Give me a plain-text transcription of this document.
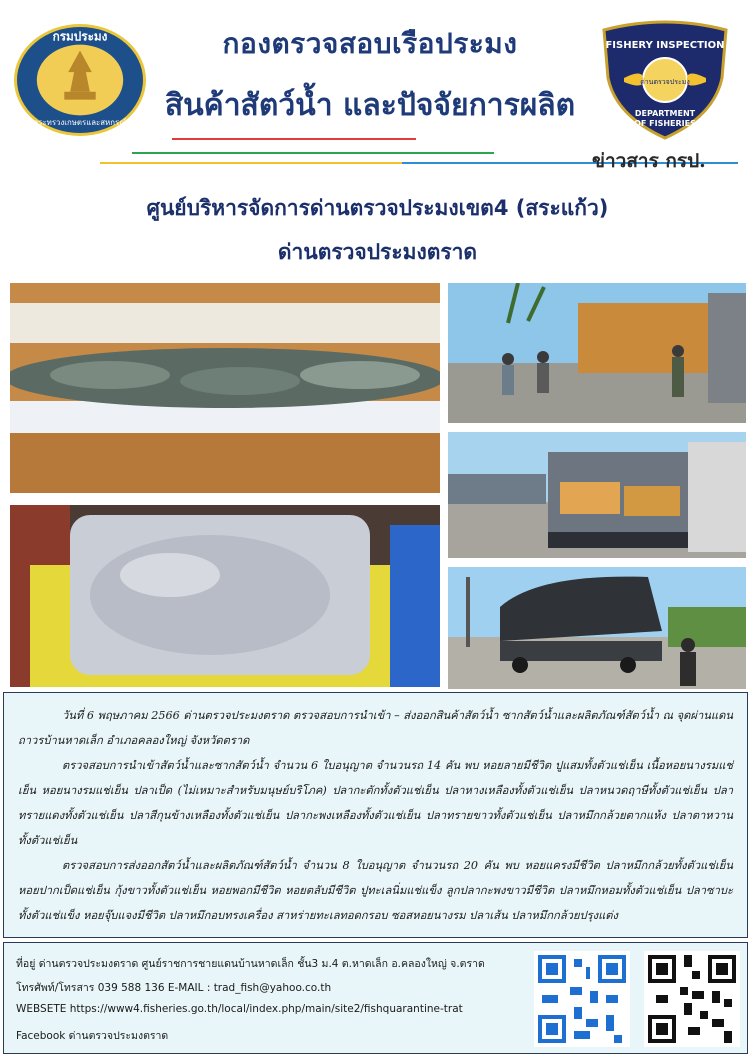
กรมประมง
กระทรวงเกษตรและสหกรณ์
กองตรวจสอบเรือประมง
สินค้าสัตว์น้ำ และปัจจัยการผลิต
FISHERY INSPECTION
ด่านตรวจประมง
DEPARTMENT
OF FISHERIES
ข่าวสาร กรป.
ศูนย์บริหารจัดการด่านตรวจประมงเขต4 (สระแก้ว)
ด่านตรวจประมงตราด

วันที่ 6 พฤษภาคม 2566 ด่านตรวจประมงตราด ตรวจสอบการนำเข้า – ส่งออกสินค้าสัตว์น้ำ ซากสัตว์น้ำและผลิตภัณฑ์สัตว์น้ำ ณ จุดผ่านแดนถาวรบ้านหาดเล็ก อำเภอคลองใหญ่ จังหวัดตราด

ตรวจสอบการนำเข้าสัตว์น้ำและซากสัตว์น้ำ จำนวน 6 ใบอนุญาต จำนวนรถ 14 คัน พบ หอยลายมีชีวิต ปูแสมทั้งตัวแช่เย็น เนื้อหอยนางรมแช่เย็น หอยนางรมแช่เย็น ปลาเป็ด (ไม่เหมาะสำหรับมนุษย์บริโภค) ปลากะตักทั้งตัวแช่เย็น ปลาหางเหลืองทั้งตัวแช่เย็น ปลาหนวดฤาษีทั้งตัวแช่เย็น ปลาทรายแดงทั้งตัวแช่เย็น ปลาสีกุนข้างเหลืองทั้งตัวแช่เย็น ปลากะพงเหลืองทั้งตัวแช่เย็น ปลาทรายขาวทั้งตัวแช่เย็น ปลาหมึกกล้วยตากแห้ง ปลาตาหวานทั้งตัวแช่เย็น

ตรวจสอบการส่งออกสัตว์น้ำและผลิตภัณฑ์สัตว์น้ำ จำนวน 8 ใบอนุญาต จำนวนรถ 20 คัน พบ หอยแครงมีชีวิต ปลาหมึกกล้วยทั้งตัวแช่เย็น หอยปากเป็ดแช่เย็น กุ้งขาวทั้งตัวแช่เย็น หอยพอกมีชีวิต หอยตลับมีชีวิต ปูทะเลนิ่มแช่แข็ง ลูกปลากะพงขาวมีชีวิต ปลาหมึกหอมทั้งตัวแช่เย็น ปลาซาบะทั้งตัวแช่แข็ง หอยจุ๊บแจงมีชีวิต ปลาหมึกอบทรงเครื่อง สาหร่ายทะเลทอดกรอบ ซอสหอยนางรม ปลาเส้น ปลาหมึกกล้วยปรุงแต่ง

ที่อยู่ ด่านตรวจประมงตราด ศูนย์ราชการชายแดนบ้านหาดเล็ก ชั้น3 ม.4 ต.หาดเล็ก อ.คลองใหญ่ จ.ตราด
โทรศัพท์/โทรสาร 039 588 136 E-MAIL : trad_fish@yahoo.co.th
WEBSETE https://www4.fisheries.go.th/local/index.php/main/site2/fishquarantine-trat
Facebook ด่านตรวจประมงตราด
